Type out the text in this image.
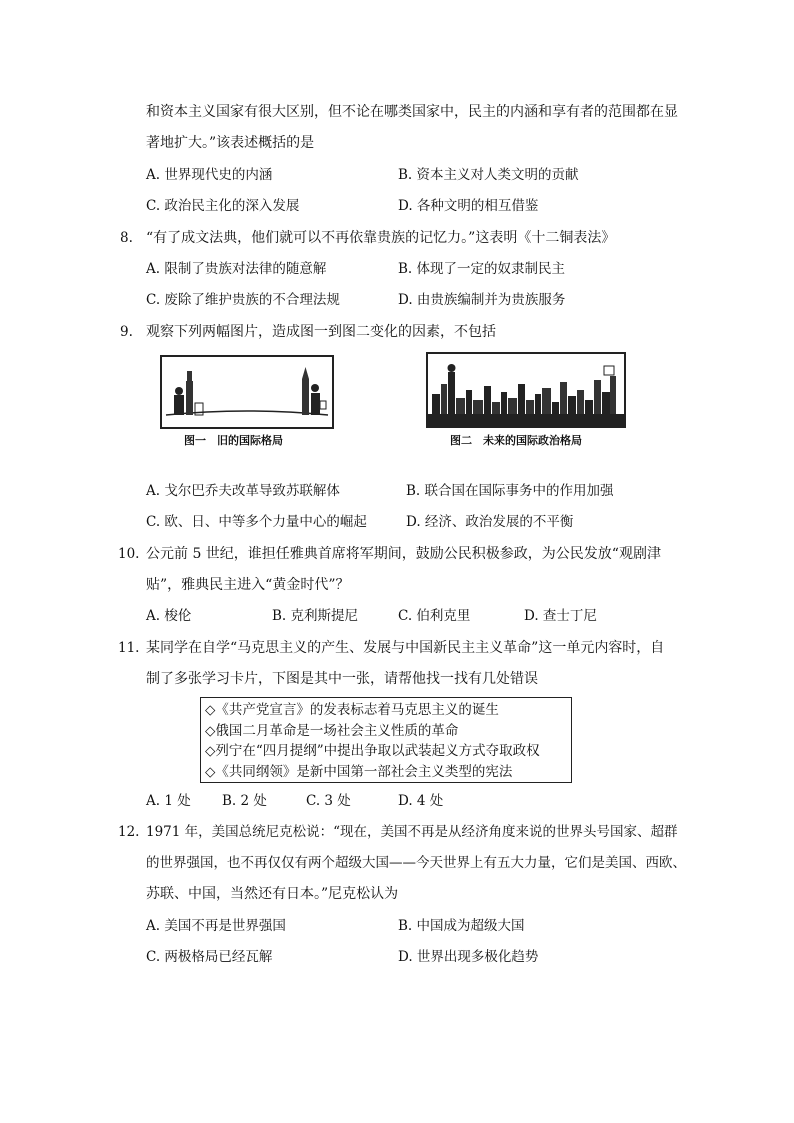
和资本主义国家有很大区别，但不论在哪类国家中，民主的内涵和享有者的范围都在显
著地扩大。”该表述概括的是
A. 世界现代史的内涵	B. 资本主义对人类文明的贡献
C. 政治民主化的深入发展	D. 各种文明的相互借鉴
8. “有了成文法典，他们就可以不再依靠贵族的记忆力。”这表明《十二铜表法》
A. 限制了贵族对法律的随意解	B. 体现了一定的奴隶制民主
C. 废除了维护贵族的不合理法规	D. 由贵族编制并为贵族服务
9. 观察下列两幅图片，造成图一到图二变化的因素，不包括
图一　旧的国际格局	图二　未来的国际政治格局
A. 戈尔巴乔夫改革导致苏联解体	B. 联合国在国际事务中的作用加强
C. 欧、日、中等多个力量中心的崛起	D. 经济、政治发展的不平衡
10. 公元前 5 世纪，谁担任雅典首席将军期间，鼓励公民积极参政，为公民发放“观剧津
贴”，雅典民主进入“黄金时代”？
A. 梭伦	B. 克利斯提尼	C. 伯利克里	D. 查士丁尼
11. 某同学在自学“马克思主义的产生、发展与中国新民主主义革命”这一单元内容时，自
制了多张学习卡片，下图是其中一张，请帮他找一找有几处错误
◇《共产党宣言》的发表标志着马克思主义的诞生
◇俄国二月革命是一场社会主义性质的革命
◇列宁在“四月提纲”中提出争取以武装起义方式夺取政权
◇《共同纲领》是新中国第一部社会主义类型的宪法
A. 1 处 B. 2 处	C. 3 处	D. 4 处
12. 1971 年，美国总统尼克松说：“现在，美国不再是从经济角度来说的世界头号国家、超群
的世界强国，也不再仅仅有两个超级大国——今天世界上有五大力量，它们是美国、西欧、
苏联、中国，当然还有日本。”尼克松认为
A. 美国不再是世界强国	B. 中国成为超级大国
C. 两极格局已经瓦解	D. 世界出现多极化趋势
